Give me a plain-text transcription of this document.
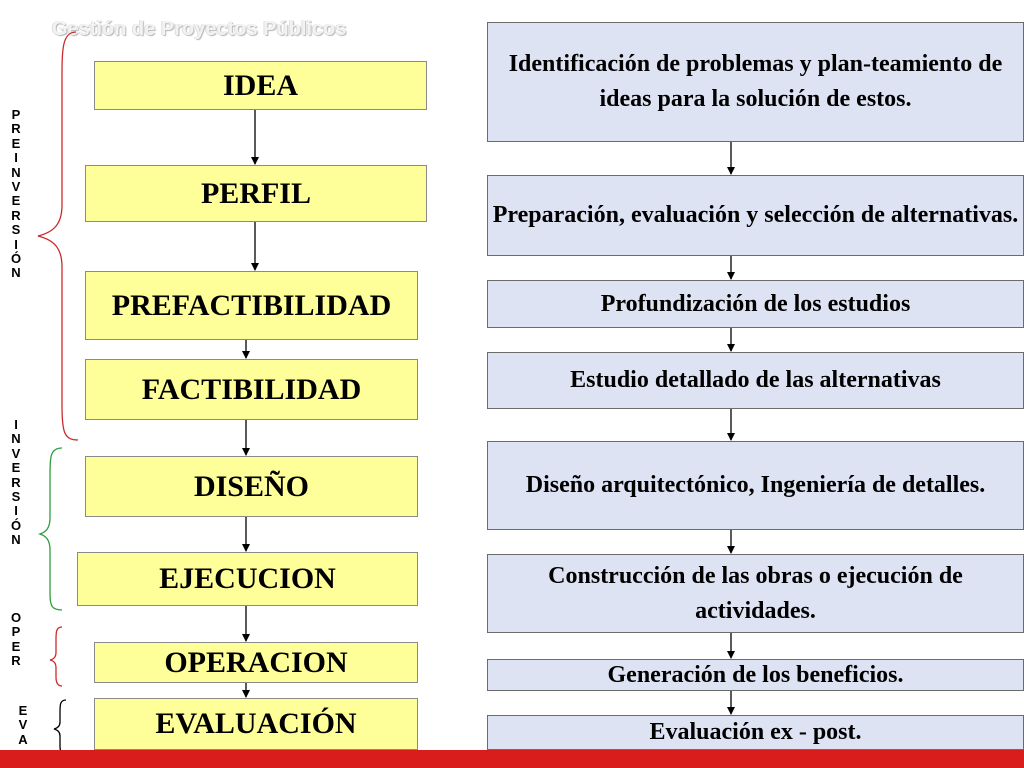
Gestión de Proyectos Públicos
P
R
E
I
N
V
E
R
S
I
Ó
N
I
N
V
E
R
S
I
Ó
N
O
P
E
R
E
V
A
IDEA
PERFIL
PREFACTIBILIDAD
FACTIBILIDAD
DISEÑO
EJECUCION
OPERACION
EVALUACIÓN
Identificación de problemas y plan-teamiento de ideas para la solución de estos.
Preparación, evaluación y selección de alternativas.
Profundización de los estudios
Estudio detallado de las alternativas
Diseño arquitectónico, Ingeniería de detalles.
Construcción de las obras o ejecución de actividades.
Generación de los beneficios.
Evaluación ex - post.
